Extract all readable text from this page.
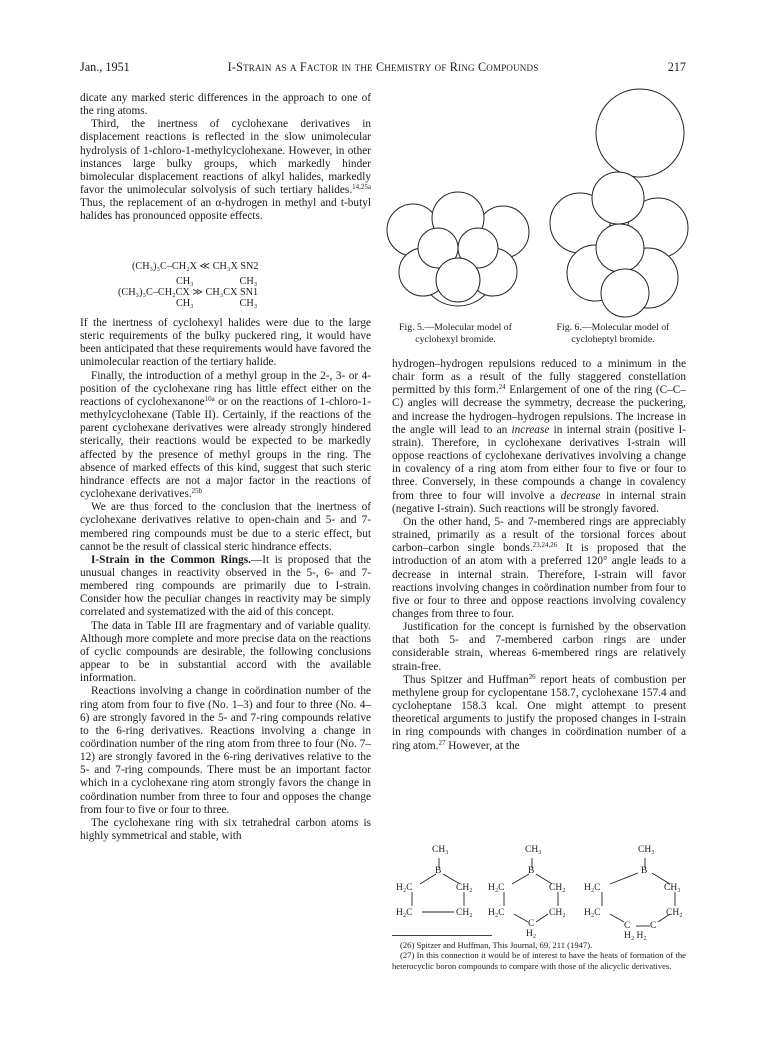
Jan., 1951	I-Strain as a Factor in the Chemistry of Ring Compounds	217

dicate any marked steric differences in the approach to one of the ring atoms.

Third, the inertness of cyclohexane derivatives in displacement reactions is reflected in the slow unimolecular hydrolysis of 1-chloro-1-methylcyclohexane. However, in other instances large bulky groups, which markedly hinder bimolecular displacement reactions of alkyl halides, markedly favor the unimolecular solvolysis of such tertiary halides.$^{14,25a}$ Thus, the replacement of an α-hydrogen in methyl and t-butyl halides has pronounced opposite effects.

(CH₃)₃C–CH₂X ≪ CH₃X SN2
CH₃                  CH₃
(CH₃)₃C–CH₂CX ≫ CH₃CX SN1
CH₃                  CH₃

If the inertness of cyclohexyl halides were due to the large steric requirements of the bulky puckered ring, it would have been anticipated that these requirements would have favored the unimolecular reaction of the tertiary halide.

Finally, the introduction of a methyl group in the 2-, 3- or 4-position of the cyclohexane ring has little effect either on the reactions of cyclohexanone$^{10a}$ or on the reactions of 1-chloro-1-methylcyclohexane (Table II). Certainly, if the reactions of the parent cyclohexane derivatives were already strongly hindered sterically, their reactions would be expected to be markedly affected by the presence of methyl groups in the ring. The absence of marked effects of this kind, suggest that such steric hindrance effects are not a major factor in the reactions of cyclohexane derivatives.$^{25b}$

We are thus forced to the conclusion that the inertness of cyclohexane derivatives relative to open-chain and 5- and 7-membered ring compounds must be due to a steric effect, but cannot be the result of classical steric hindrance effects.

I-Strain in the Common Rings.—It is proposed that the unusual changes in reactivity observed in the 5-, 6- and 7-membered ring compounds are primarily due to I-strain. Consider how the peculiar changes in reactivity may be simply correlated and systematized with the aid of this concept.

The data in Table III are fragmentary and of variable quality. Although more complete and more precise data on the reactions of cyclic compounds are desirable, the following conclusions appear to be in substantial accord with the available information.

Reactions involving a change in coördination number of the ring atom from four to five (No. 1–3) and four to three (No. 4–6) are strongly favored in the 5- and 7-ring compounds relative to the 6-ring derivatives. Reactions involving a change in coördination number of the ring atom from three to four (No. 7–12) are strongly favored in the 6-ring derivatives relative to the 5- and 7-ring compounds. There must be an important factor which in a cyclohexane ring atom strongly favors the change in coördination number from three to four and opposes the change from four to five or four to three.

The cyclohexane ring with six tetrahedral carbon atoms is highly symmetrical and stable, with

Fig. 5.—Molecular model of cyclohexyl bromide.
Fig. 6.—Molecular model of cycloheptyl bromide.

hydrogen–hydrogen repulsions reduced to a minimum in the chair form as a result of the fully staggered constellation permitted by this form.$^{24}$ Enlargement of one of the ring (C–C–C) angles will decrease the symmetry, decrease the puckering, and increase the hydrogen–hydrogen repulsions. The increase in the angle will lead to an increase in internal strain (positive I-strain). Therefore, in cyclohexane derivatives I-strain will oppose reactions of cyclohexane derivatives involving a change in covalency of a ring atom from either four to five or four to three. Conversely, in these compounds a change in covalency from three to four will involve a decrease in internal strain (negative I-strain). Such reactions will be strongly favored.

On the other hand, 5- and 7-membered rings are appreciably strained, primarily as a result of the torsional forces about carbon–carbon single bonds.$^{23,24,26}$ It is proposed that the introduction of an atom with a preferred 120° angle leads to a decrease in internal strain. Therefore, I-strain will favor reactions involving changes in coördination number from four to five or four to three and oppose reactions involving covalency changes from three to four.

Justification for the concept is furnished by the observation that both 5- and 7-membered carbon rings are under considerable strain, whereas 6-membered rings are relatively strain-free.

Thus Spitzer and Huffman$^{26}$ report heats of combustion per methylene group for cyclopentane 158.7, cyclohexane 157.4 and cycloheptane 158.3 kcal. One might attempt to present theoretical arguments to justify the proposed changes in I-strain in ring compounds with changes in coördination number of a ring atom.$^{27}$ However, at the

CH₃
B
H₂C	CH₂
H₂C	CH₂
CH₃
B
H₂C	CH₂
H₂C	CH₂
C
H₂
CH₃
B
H₂C	CH₃
H₂C	CH₂
C C
H₂ H₂

(26) Spitzer and Huffman, This Journal, 69, 211 (1947).

(27) In this connection it would be of interest to have the heats of formation of the heterocyclic boron compounds to compare with those of the alicyclic derivatives.
